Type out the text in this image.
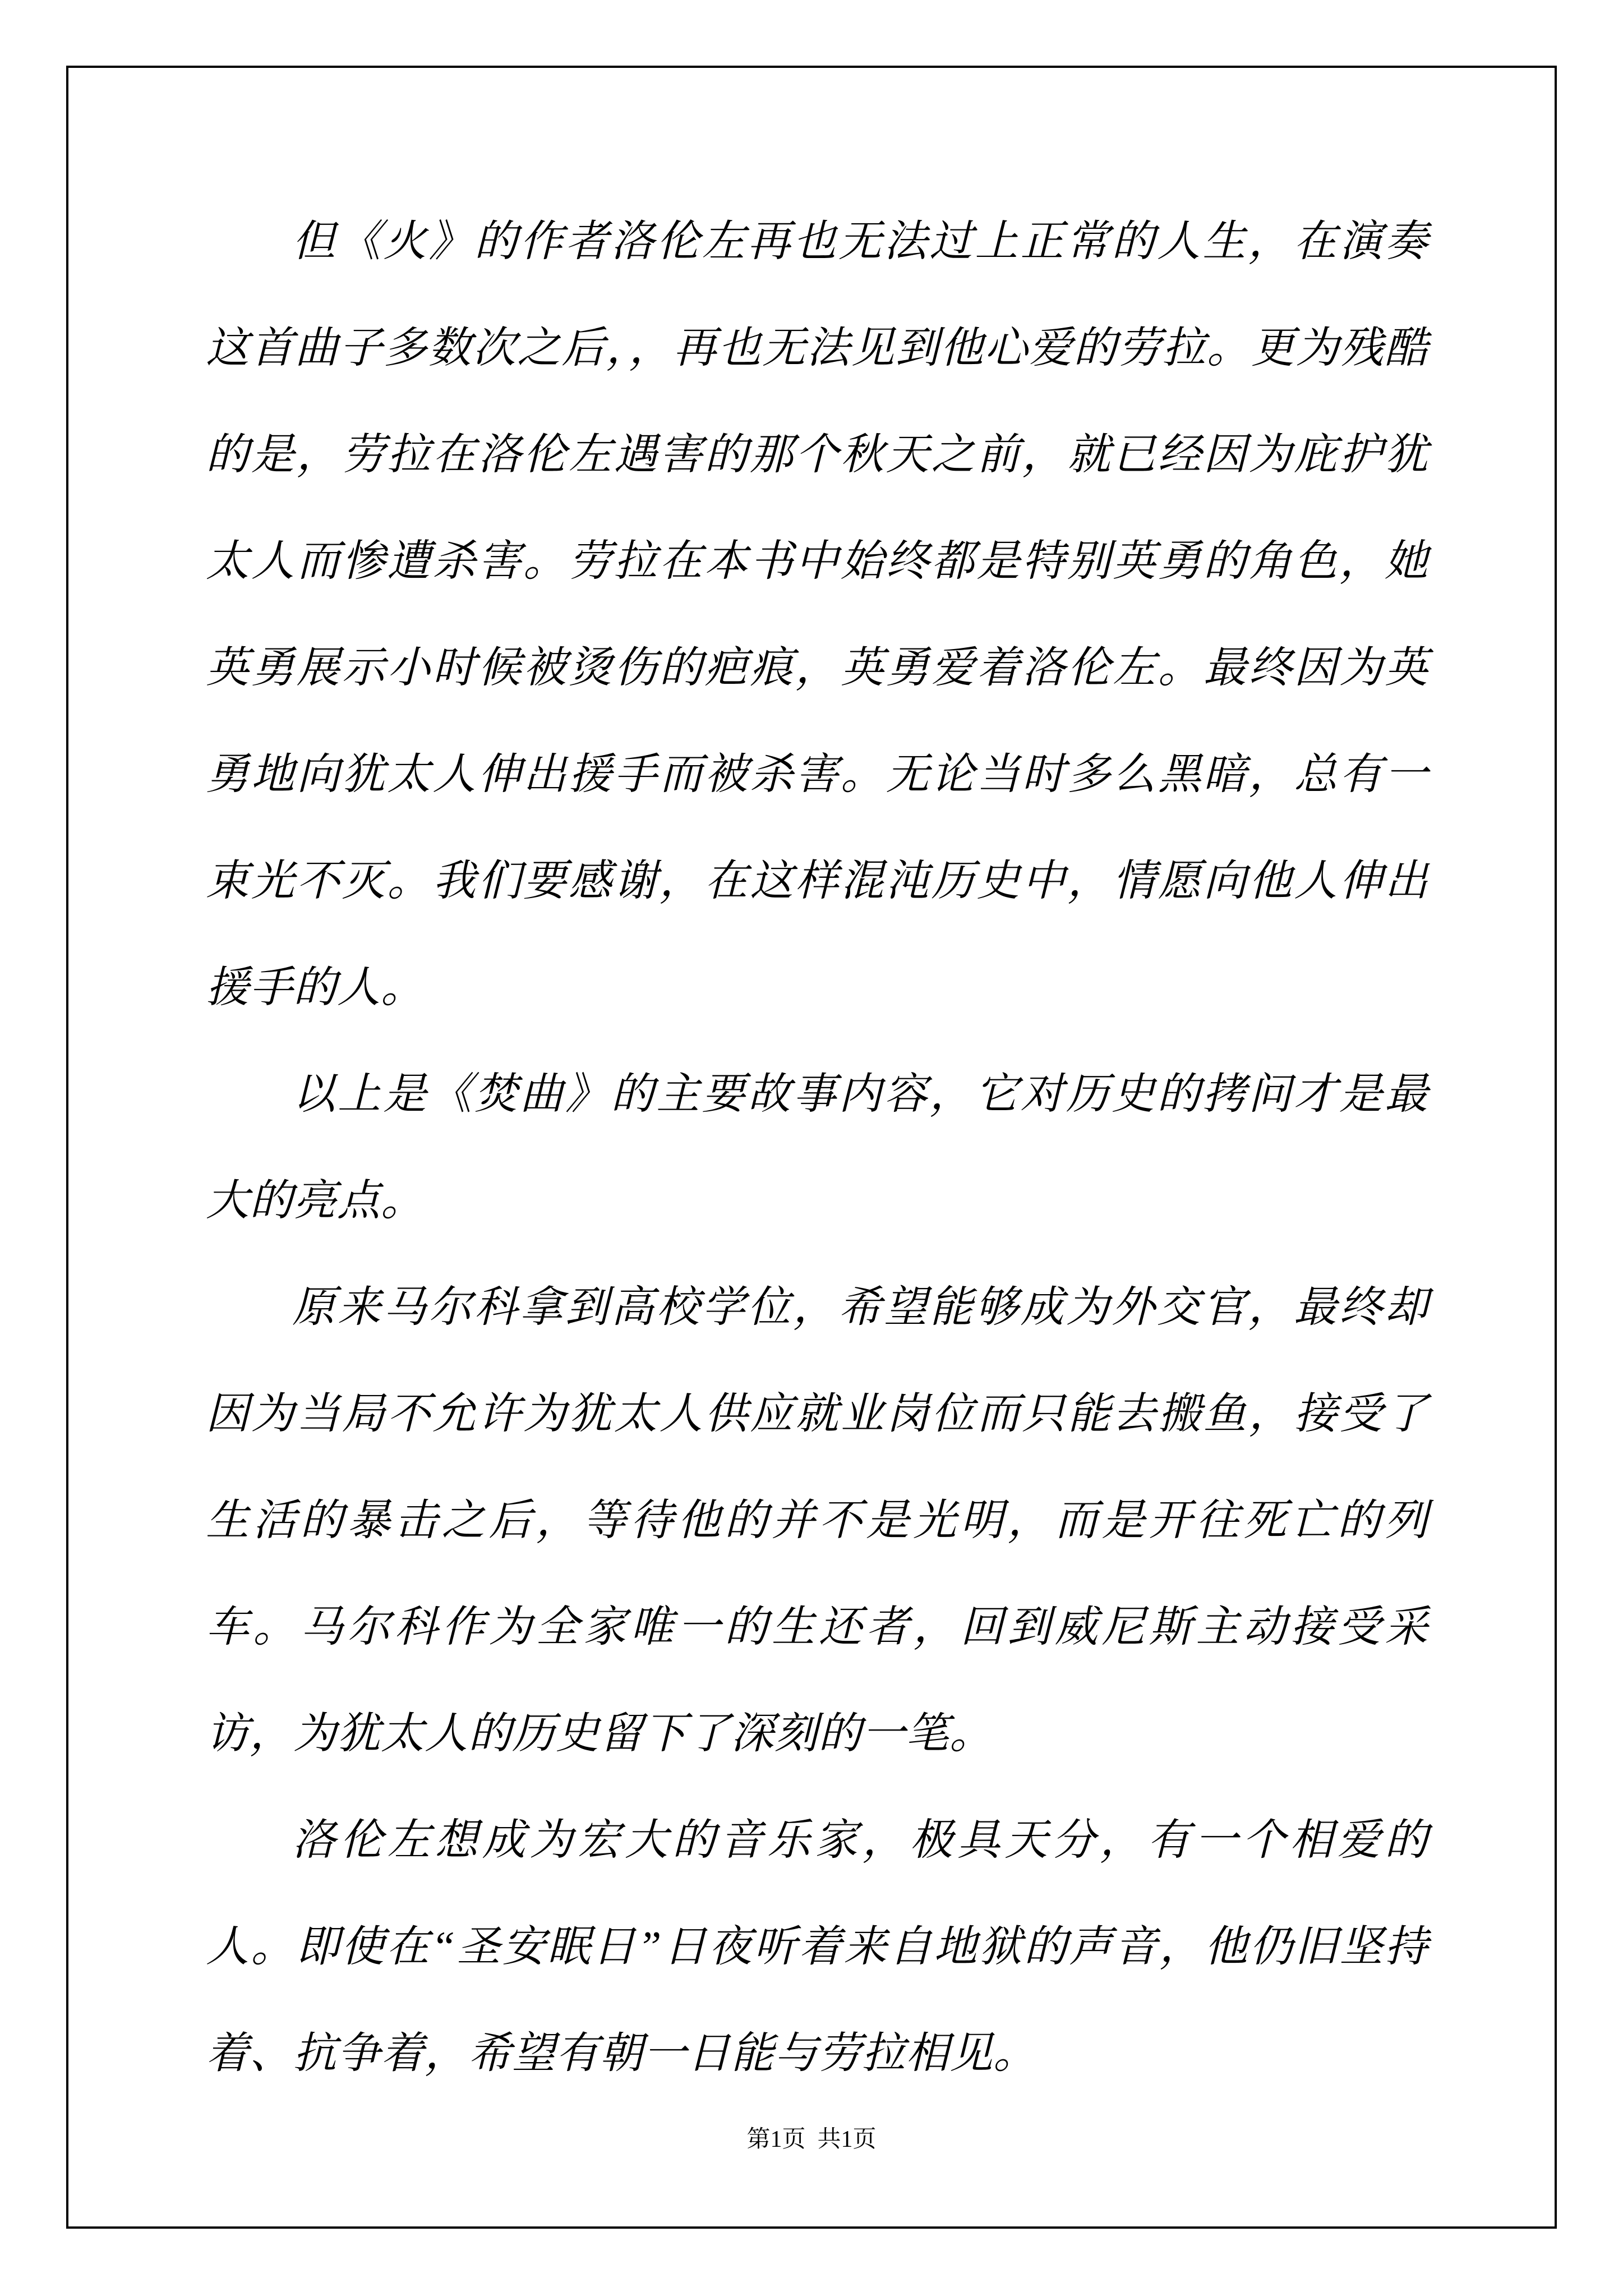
但《火》的作者洛伦左再也无法过上正常的人生，在演奏这首曲子多数次之后，，再也无法见到他心爱的劳拉。更为残酷的是，劳拉在洛伦左遇害的那个秋天之前，就已经因为庇护犹太人而惨遭杀害。劳拉在本书中始终都是特别英勇的角色，她英勇展示小时候被烫伤的疤痕，英勇爱着洛伦左。最终因为英勇地向犹太人伸出援手而被杀害。无论当时多么黑暗，总有一束光不灭。我们要感谢，在这样混沌历史中，情愿向他人伸出援手的人。

以上是《焚曲》的主要故事内容，它对历史的拷问才是最大的亮点。

原来马尔科拿到高校学位，希望能够成为外交官，最终却因为当局不允许为犹太人供应就业岗位而只能去搬鱼，接受了生活的暴击之后，等待他的并不是光明，而是开往死亡的列车。马尔科作为全家唯一的生还者，回到威尼斯主动接受采访，为犹太人的历史留下了深刻的一笔。

洛伦左想成为宏大的音乐家，极具天分，有一个相爱的人。即使在“圣安眠日”日夜听着来自地狱的声音，他仍旧坚持着、抗争着，希望有朝一日能与劳拉相见。

第1页  共1页
